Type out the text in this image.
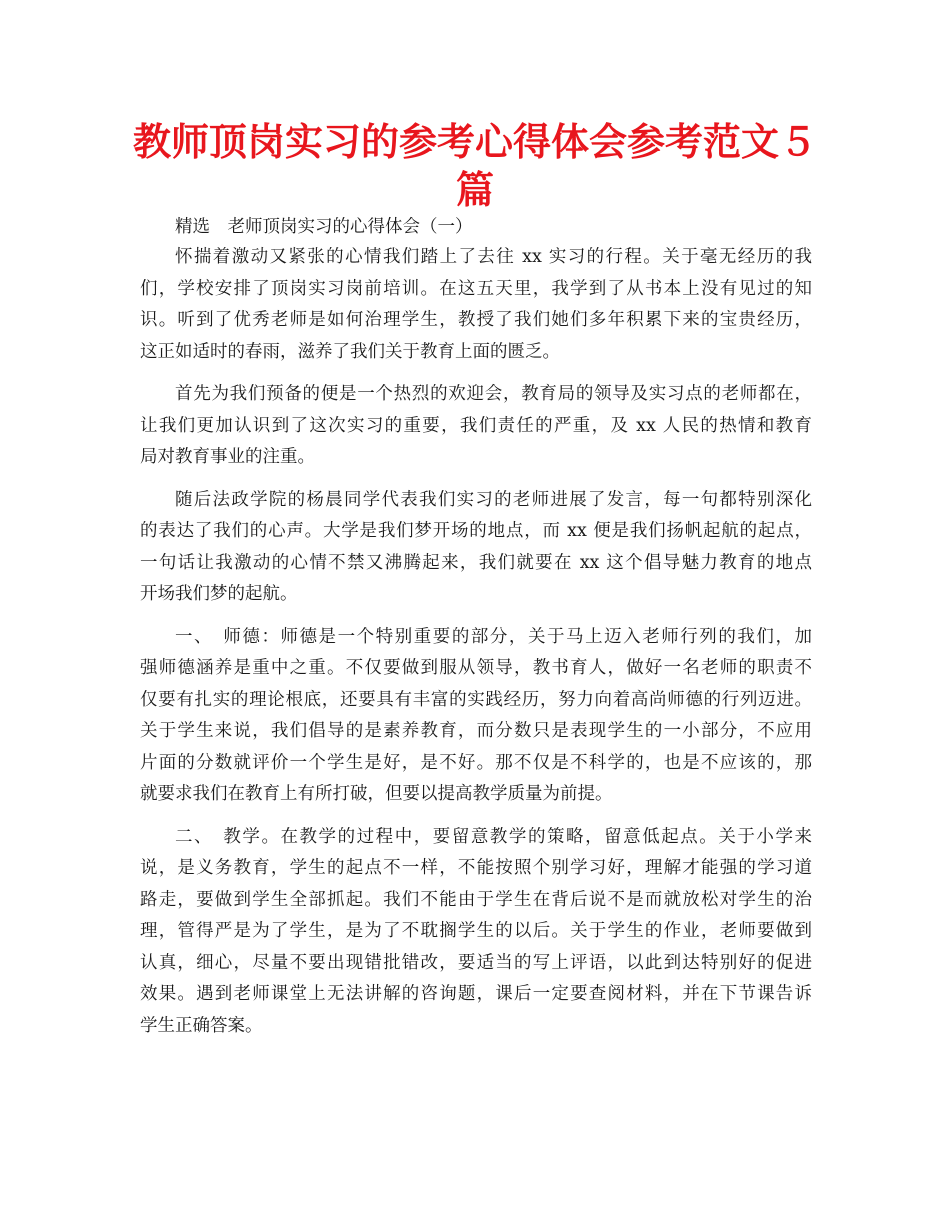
教师顶岗实习的参考心得体会参考范文５
篇

精选　老师顶岗实习的心得体会（一）

怀揣着激动又紧张的心情我们踏上了去往 xx 实习的行程。关于毫无经历的我
们，学校安排了顶岗实习岗前培训。在这五天里，我学到了从书本上没有见过的知
识。听到了优秀老师是如何治理学生，教授了我们她们多年积累下来的宝贵经历，
这正如适时的春雨，滋养了我们关于教育上面的匮乏。
首先为我们预备的便是一个热烈的欢迎会，教育局的领导及实习点的老师都在，
让我们更加认识到了这次实习的重要，我们责任的严重，及 xx 人民的热情和教育
局对教育事业的注重。
随后法政学院的杨晨同学代表我们实习的老师进展了发言，每一句都特别深化
的表达了我们的心声。大学是我们梦开场的地点，而 xx 便是我们扬帆起航的起点，
一句话让我激动的心情不禁又沸腾起来，我们就要在 xx 这个倡导魅力教育的地点
开场我们梦的起航。
一、　师德：师德是一个特别重要的部分，关于马上迈入老师行列的我们，加
强师德涵养是重中之重。不仅要做到服从领导，教书育人，做好一名老师的职责不
仅要有扎实的理论根底，还要具有丰富的实践经历，努力向着高尚师德的行列迈进。
关于学生来说，我们倡导的是素养教育，而分数只是表现学生的一小部分，不应用
片面的分数就评价一个学生是好，是不好。那不仅是不科学的，也是不应该的，那
就要求我们在教育上有所打破，但要以提高教学质量为前提。
二、　教学。在教学的过程中，要留意教学的策略，留意低起点。关于小学来
说，是义务教育，学生的起点不一样，不能按照个别学习好，理解才能强的学习道
路走，要做到学生全部抓起。我们不能由于学生在背后说不是而就放松对学生的治
理，管得严是为了学生，是为了不耽搁学生的以后。关于学生的作业，老师要做到
认真，细心，尽量不要出现错批错改，要适当的写上评语，以此到达特别好的促进
效果。遇到老师课堂上无法讲解的咨询题，课后一定要查阅材料，并在下节课告诉
学生正确答案。
